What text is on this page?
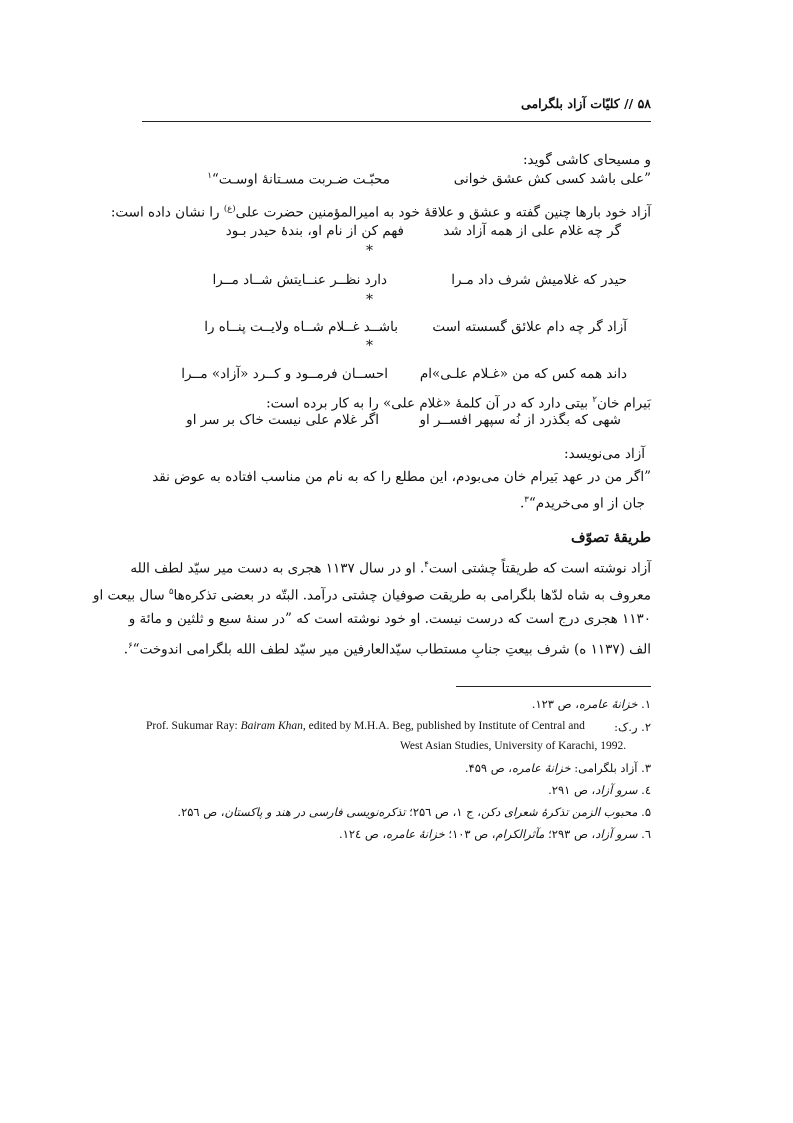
۵۸ // کلیّات آزاد بلگرامی
و مسیحای کاشی گوید:
”علی باشد کسی کش عشق خوانی
محبّـت ضـربت مسـتانۀ اوسـت“$^۱$
آزاد خود بارها چنین گفته و عشق و علاقۀ خود به امیرالمؤمنین حضرت علی$^{(ع)}$ را نشان داده است:
گر چه غلام علی از همه آزاد شد
فهم کن از نام او، بندۀ حیدر بـود
*
حیدر که غلامیش شرف داد مـرا
دارد نظــر عنــایتش شــاد مــرا
*
آزاد گر چه دام علائق گسسته است
باشــد غــلام شــاه ولایــت پنــاه را
*
داند همه کس که من «غـلام علـی»ام
احســان فرمــود و کــرد «آزاد» مــرا
بَیرام خان$^۲$ بیتی دارد که در آن کلمۀ «غلام علی» را به کار برده است:
شهی که بگذرد از نُه سپهر افســر او
اگر غلام علی نیست خاک بر سر او
آزاد می‌نویسد:
”اگر من در عهد بَیرام خان می‌بودم، این مطلع را که به نام من مناسب افتاده به عوض نقد
جان از او می‌خریدم“$^۳$.
طریقۀ تصوّف
آزاد نوشته است که طریقتاً چشتی است$^۴$. او در سال ۱۱۳۷ هجری به دست میر سیّد لطف الله
معروف به شاه لدّها بلگرامی به طریقت صوفیان چشتی درآمد. البتّه در بعضی تذکره‌ها$^۵$ سال بیعت او
۱۱۳۰ هجری درج است که درست نیست. او خود نوشته است که ”در سنۀ سبع و ثلثین و مائة و
الف (۱۱۳۷ ه) شرف بیعتِ جنابِ مستطاب سیّدالعارفین میر سیّد لطف الله بلگرامی اندوخت“$^۶$.
۱. خزانۀ عامره، ص ۱۲۳.
۲. ر.ک:
Prof. Sukumar Ray: Bairam Khan, edited by M.H.A. Beg, published by Institute of Central and
West Asian Studies, University of Karachi, 1992.
۳. آزاد بلگرامی: خزانۀ عامره، ص ۴۵۹.
٤. سرو آزاد، ص ۲۹۱.
۵. محبوب الزمن تذکرۀ شعرای دکن، ج ۱، ص ۲۵٦؛ تذکره‌نویسی فارسی در هند و پاکستان، ص ۲۵٦.
٦. سرو آزاد، ص ۲۹۳؛ مآثرالکرام، ص ۱۰۳؛ خزانۀ عامره، ص ۱۲٤.
